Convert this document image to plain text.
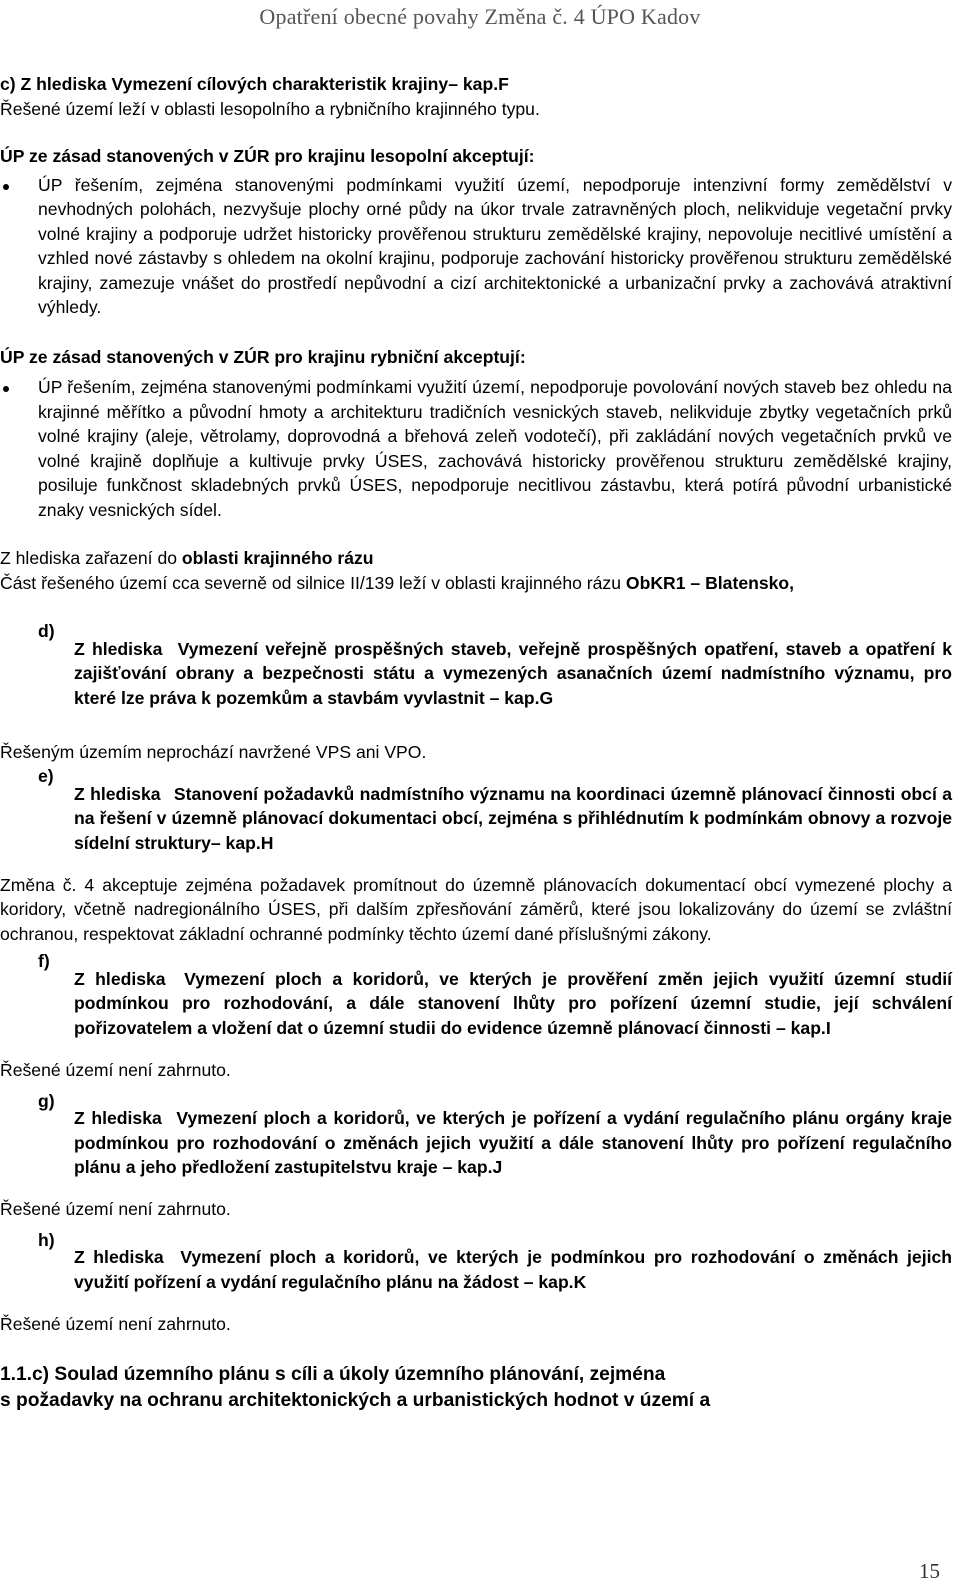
Opatření obecné povahy Změna č. 4 ÚPO Kadov

c) Z hlediska Vymezení cílových charakteristik krajiny– kap.F

Řešené území leží v oblasti lesopolního a rybničního krajinného typu.

ÚP ze zásad stanovených v ZÚR pro krajinu lesopolní akceptují:

ÚP řešením, zejména stanovenými podmínkami využití území, nepodporuje intenzivní formy zemědělství v nevhodných polohách, nezvyšuje plochy orné půdy na úkor trvale zatravněných ploch, nelikviduje vegetační prvky volné krajiny a podporuje udržet historicky prověřenou strukturu zemědělské krajiny, nepovoluje necitlivé umístění a vzhled nové zástavby s ohledem na okolní krajinu, podporuje zachování historicky prověřenou strukturu zemědělské krajiny, zamezuje vnášet do prostředí nepůvodní a cizí architektonické a urbanizační prvky a zachovává atraktivní výhledy.

ÚP ze zásad stanovených v ZÚR pro krajinu rybniční akceptují:

ÚP řešením, zejména stanovenými podmínkami využití území, nepodporuje povolování nových staveb bez ohledu na krajinné měřítko a původní hmoty a architekturu tradičních vesnických staveb, nelikviduje zbytky vegetačních prků volné krajiny (aleje, větrolamy, doprovodná a břehová zeleň vodotečí), při zakládání nových vegetačních prvků ve volné krajině doplňuje a kultivuje prvky ÚSES, zachovává historicky prověřenou strukturu zemědělské krajiny, posiluje funkčnost skladebných prvků ÚSES, nepodporuje necitlivou zástavbu, která potírá původní urbanistické znaky vesnických sídel.

Z hlediska zařazení do oblasti krajinného rázu

Část řešeného území cca severně od silnice II/139 leží v oblasti krajinného rázu ObKR1 – Blatensko,

d)

Z hlediska Vymezení veřejně prospěšných staveb, veřejně prospěšných opatření, staveb a opatření k zajišťování obrany a bezpečnosti státu a vymezených asanačních území nadmístního významu, pro které lze práva k pozemkům a stavbám vyvlastnit – kap.G

Řešeným územím neprochází navržené VPS ani VPO.

e)

Z hlediska Stanovení požadavků nadmístního významu na koordinaci územně plánovací činnosti obcí a na řešení v územně plánovací dokumentaci obcí, zejména s přihlédnutím k podmínkám obnovy a rozvoje sídelní struktury– kap.H

Změna č. 4 akceptuje zejména požadavek promítnout do územně plánovacích dokumentací obcí vymezené plochy a koridory, včetně nadregionálního ÚSES, při dalším zpřesňování záměrů, které jsou lokalizovány do území se zvláštní ochranou, respektovat základní ochranné podmínky těchto území dané příslušnými zákony.

f)

Z hlediska Vymezení ploch a koridorů, ve kterých je prověření změn jejich využití územní studií podmínkou pro rozhodování, a dále stanovení lhůty pro pořízení územní studie, její schválení pořizovatelem a vložení dat o územní studii do evidence územně plánovací činnosti – kap.I

Řešené území není zahrnuto.

g)

Z hlediska Vymezení ploch a koridorů, ve kterých je pořízení a vydání regulačního plánu orgány kraje podmínkou pro rozhodování o změnách jejich využití a dále stanovení lhůty pro pořízení regulačního plánu a jeho předložení zastupitelstvu kraje – kap.J

Řešené území není zahrnuto.

h)

Z hlediska Vymezení ploch a koridorů, ve kterých je podmínkou pro rozhodování o změnách jejich využití pořízení a vydání regulačního plánu na žádost – kap.K

Řešené území není zahrnuto.

1.1.c) Soulad územního plánu s cíli a úkoly územního plánování, zejména

s požadavky na ochranu architektonických a urbanistických hodnot v území a

15
